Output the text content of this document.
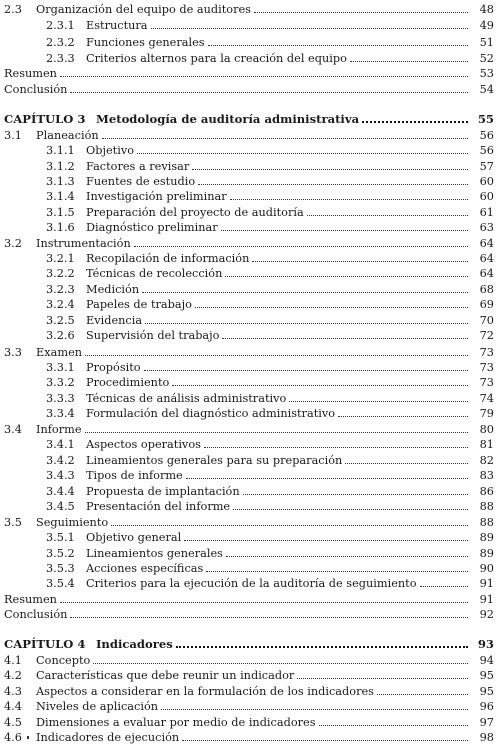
2.3	Organización del equipo de auditores	48
2.3.1 Estructura	49
2.3.2 Funciones generales	51
2.3.3 Criterios alternos para la creación del equipo	52
Resumen	53
Conclusión	54
CAPÍTULO 3 Metodología de auditoría administrativa	55
3.1	Planeación	56
3.1.1 Objetivo	56
3.1.2 Factores a revisar	57
3.1.3 Fuentes de estudio	60
3.1.4 Investigación preliminar	60
3.1.5 Preparación del proyecto de auditoría	61
3.1.6 Diagnóstico preliminar	63
3.2	Instrumentación	64
3.2.1 Recopilación de información	64
3.2.2 Técnicas de recolección	64
3.2.3 Medición	68
3.2.4 Papeles de trabajo	69
3.2.5 Evidencia	70
3.2.6 Supervisión del trabajo	72
3.3	Examen	73
3.3.1 Propósito	73
3.3.2 Procedimiento	73
3.3.3 Técnicas de análisis administrativo	74
3.3.4 Formulación del diagnóstico administrativo	79
3.4	Informe	80
3.4.1 Aspectos operativos	81
3.4.2 Lineamientos generales para su preparación	82
3.4.3 Tipos de informe	83
3.4.4 Propuesta de implantación	86
3.4.5 Presentación del informe	88
3.5	Seguimiento	88
3.5.1 Objetivo general	89
3.5.2 Lineamientos generales	89
3.5.3 Acciones específicas	90
3.5.4 Criterios para la ejecución de la auditoría de seguimiento	91
Resumen	91
Conclusión	92
CAPÍTULO 4 Indicadores	93
4.1	Concepto	94
4.2	Características que debe reunir un indicador	95
4.3	Aspectos a considerar en la formulación de los indicadores	95
4.4	Niveles de aplicación	96
4.5	Dimensiones a evaluar por medio de indicadores	97
4.6	Indicadores de ejecución	98
